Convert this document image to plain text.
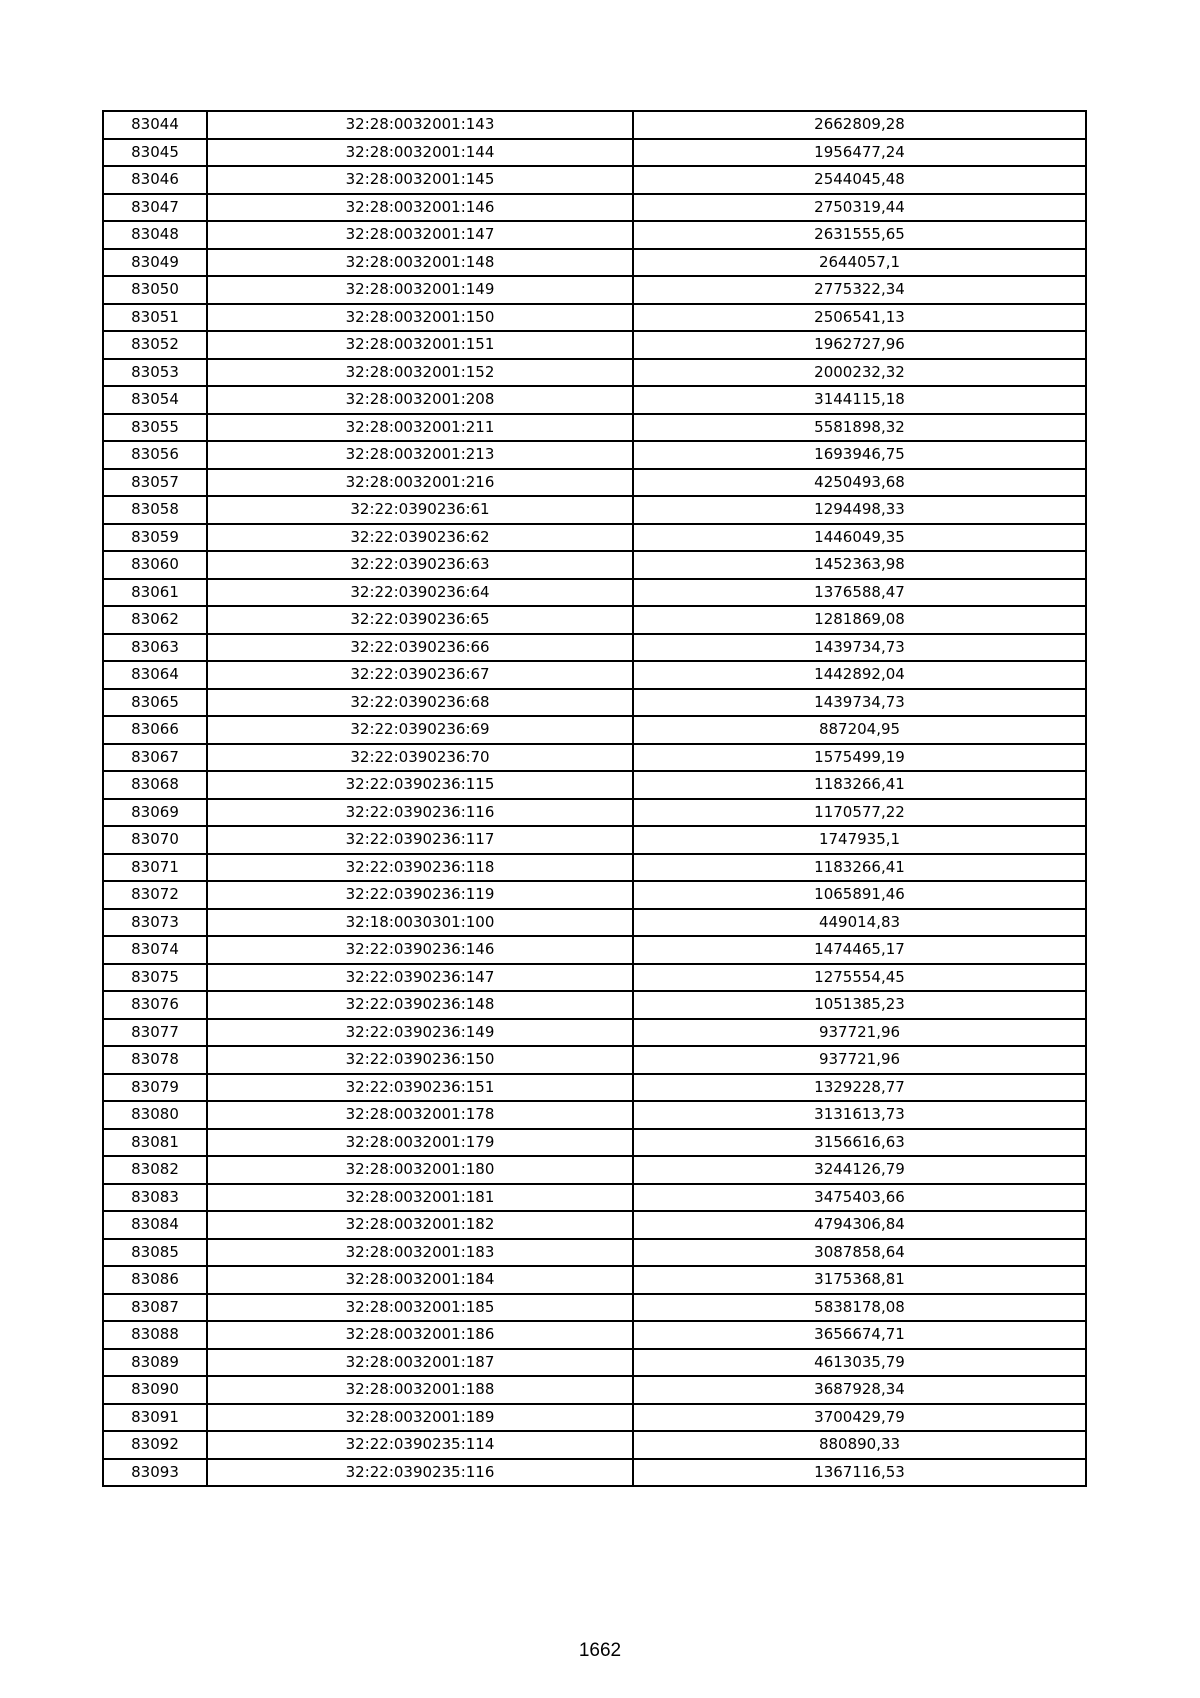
83044	32:28:0032001:143	2662809,28
83045	32:28:0032001:144	1956477,24
83046	32:28:0032001:145	2544045,48
83047	32:28:0032001:146	2750319,44
83048	32:28:0032001:147	2631555,65
83049	32:28:0032001:148	2644057,1
83050	32:28:0032001:149	2775322,34
83051	32:28:0032001:150	2506541,13
83052	32:28:0032001:151	1962727,96
83053	32:28:0032001:152	2000232,32
83054	32:28:0032001:208	3144115,18
83055	32:28:0032001:211	5581898,32
83056	32:28:0032001:213	1693946,75
83057	32:28:0032001:216	4250493,68
83058	32:22:0390236:61	1294498,33
83059	32:22:0390236:62	1446049,35
83060	32:22:0390236:63	1452363,98
83061	32:22:0390236:64	1376588,47
83062	32:22:0390236:65	1281869,08
83063	32:22:0390236:66	1439734,73
83064	32:22:0390236:67	1442892,04
83065	32:22:0390236:68	1439734,73
83066	32:22:0390236:69	887204,95
83067	32:22:0390236:70	1575499,19
83068	32:22:0390236:115	1183266,41
83069	32:22:0390236:116	1170577,22
83070	32:22:0390236:117	1747935,1
83071	32:22:0390236:118	1183266,41
83072	32:22:0390236:119	1065891,46
83073	32:18:0030301:100	449014,83
83074	32:22:0390236:146	1474465,17
83075	32:22:0390236:147	1275554,45
83076	32:22:0390236:148	1051385,23
83077	32:22:0390236:149	937721,96
83078	32:22:0390236:150	937721,96
83079	32:22:0390236:151	1329228,77
83080	32:28:0032001:178	3131613,73
83081	32:28:0032001:179	3156616,63
83082	32:28:0032001:180	3244126,79
83083	32:28:0032001:181	3475403,66
83084	32:28:0032001:182	4794306,84
83085	32:28:0032001:183	3087858,64
83086	32:28:0032001:184	3175368,81
83087	32:28:0032001:185	5838178,08
83088	32:28:0032001:186	3656674,71
83089	32:28:0032001:187	4613035,79
83090	32:28:0032001:188	3687928,34
83091	32:28:0032001:189	3700429,79
83092	32:22:0390235:114	880890,33
83093	32:22:0390235:116	1367116,53
1662
